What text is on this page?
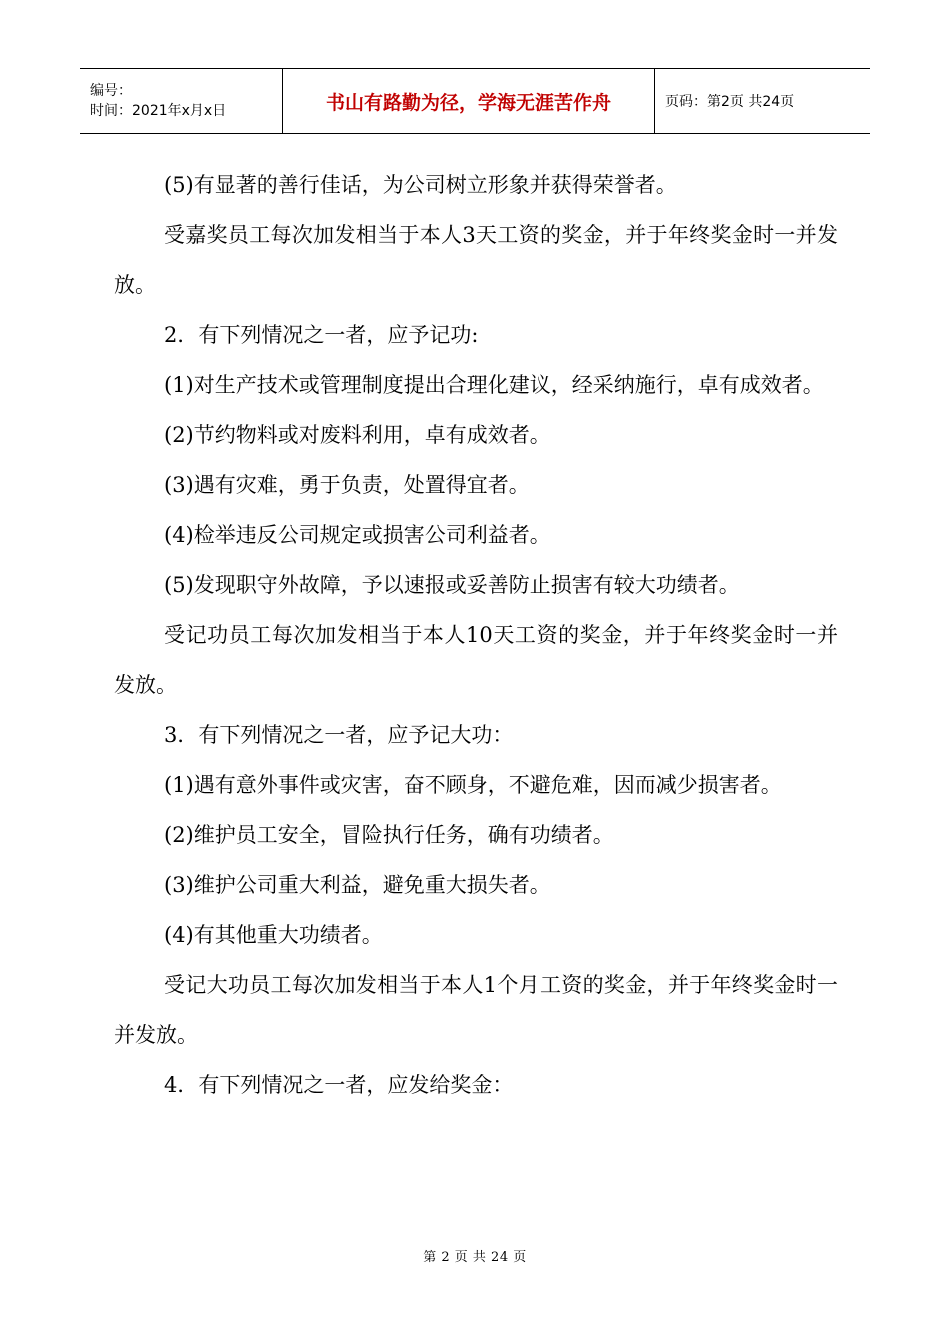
编号：
时间：2021年x月x日	书山有路勤为径，学海无涯苦作舟	页码：第2页 共24页

(5)有显著的善行佳话，为公司树立形象并获得荣誉者。

受嘉奖员工每次加发相当于本人3天工资的奖金，并于年终奖金时一并发放。

2．有下列情况之一者，应予记功:

(1)对生产技术或管理制度提出合理化建议，经采纳施行，卓有成效者。

(2)节约物料或对废料利用，卓有成效者。

(3)遇有灾难，勇于负责，处置得宜者。

(4)检举违反公司规定或损害公司利益者。

(5)发现职守外故障，予以速报或妥善防止损害有较大功绩者。

受记功员工每次加发相当于本人10天工资的奖金，并于年终奖金时一并发放。

3．有下列情况之一者，应予记大功：

(1)遇有意外事件或灾害，奋不顾身，不避危难，因而减少损害者。

(2)维护员工安全，冒险执行任务，确有功绩者。

(3)维护公司重大利益，避免重大损失者。

(4)有其他重大功绩者。

受记大功员工每次加发相当于本人1个月工资的奖金，并于年终奖金时一并发放。

4．有下列情况之一者，应发给奖金：

第 2 页 共 24 页
